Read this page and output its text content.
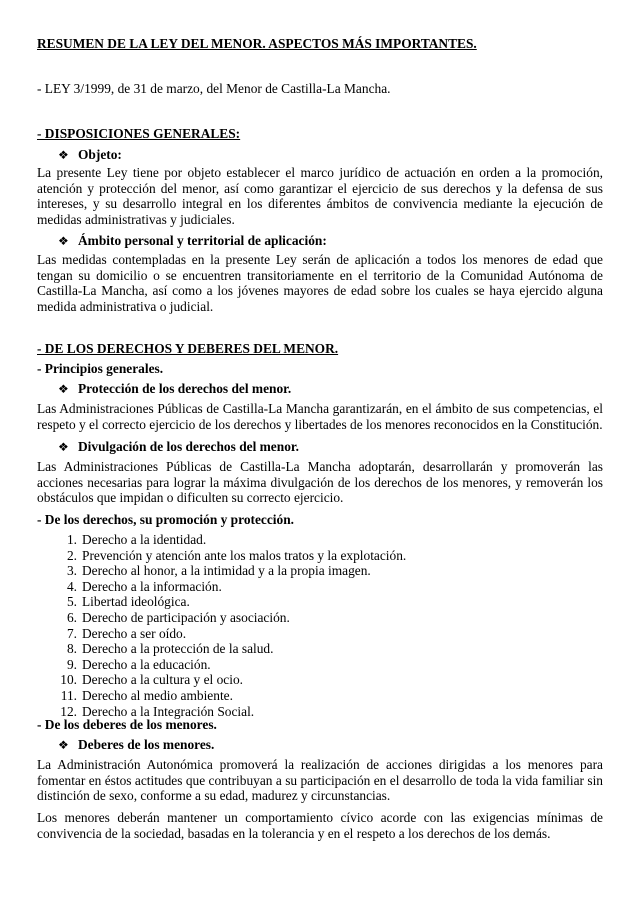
RESUMEN DE LA LEY DEL MENOR. ASPECTOS MÁS IMPORTANTES.
- LEY 3/1999, de 31 de marzo, del Menor de Castilla-La Mancha.
- DISPOSICIONES GENERALES:
❖ Objeto:
La presente Ley tiene por objeto establecer el marco jurídico de actuación en orden a la promoción, atención y protección del menor, así como garantizar el ejercicio de sus derechos y la defensa de sus intereses, y su desarrollo integral en los diferentes ámbitos de convivencia mediante la ejecución de medidas administrativas y judiciales.
❖ Ámbito personal y territorial de aplicación:
Las medidas contempladas en la presente Ley serán de aplicación a todos los menores de edad que tengan su domicilio o se encuentren transitoriamente en el territorio de la Comunidad Autónoma de Castilla-La Mancha, así como a los jóvenes mayores de edad sobre los cuales se haya ejercido alguna medida administrativa o judicial.
- DE LOS DERECHOS Y DEBERES DEL MENOR.
- Principios generales.
❖ Protección de los derechos del menor.
Las Administraciones Públicas de Castilla-La Mancha garantizarán, en el ámbito de sus competencias, el respeto y el correcto ejercicio de los derechos y libertades de los menores reconocidos en la Constitución.
❖ Divulgación de los derechos del menor.
Las Administraciones Públicas de Castilla-La Mancha adoptarán, desarrollarán y promoverán las acciones necesarias para lograr la máxima divulgación de los derechos de los menores, y removerán los obstáculos que impidan o dificulten su correcto ejercicio.
- De los derechos, su promoción y protección.
1. Derecho a la identidad.
2. Prevención y atención ante los malos tratos y la explotación.
3. Derecho al honor, a la intimidad y a la propia imagen.
4. Derecho a la información.
5. Libertad ideológica.
6. Derecho de participación y asociación.
7. Derecho a ser oído.
8. Derecho a la protección de la salud.
9. Derecho a la educación.
10. Derecho a la cultura y el ocio.
11. Derecho al medio ambiente.
12. Derecho a la Integración Social.
- De los deberes de los menores.
❖ Deberes de los menores.
La Administración Autonómica promoverá la realización de acciones dirigidas a los menores para fomentar en éstos actitudes que contribuyan a su participación en el desarrollo de toda la vida familiar sin distinción de sexo, conforme a su edad, madurez y circunstancias.
Los menores deberán mantener un comportamiento cívico acorde con las exigencias mínimas de convivencia de la sociedad, basadas en la tolerancia y en el respeto a los derechos de los demás.
